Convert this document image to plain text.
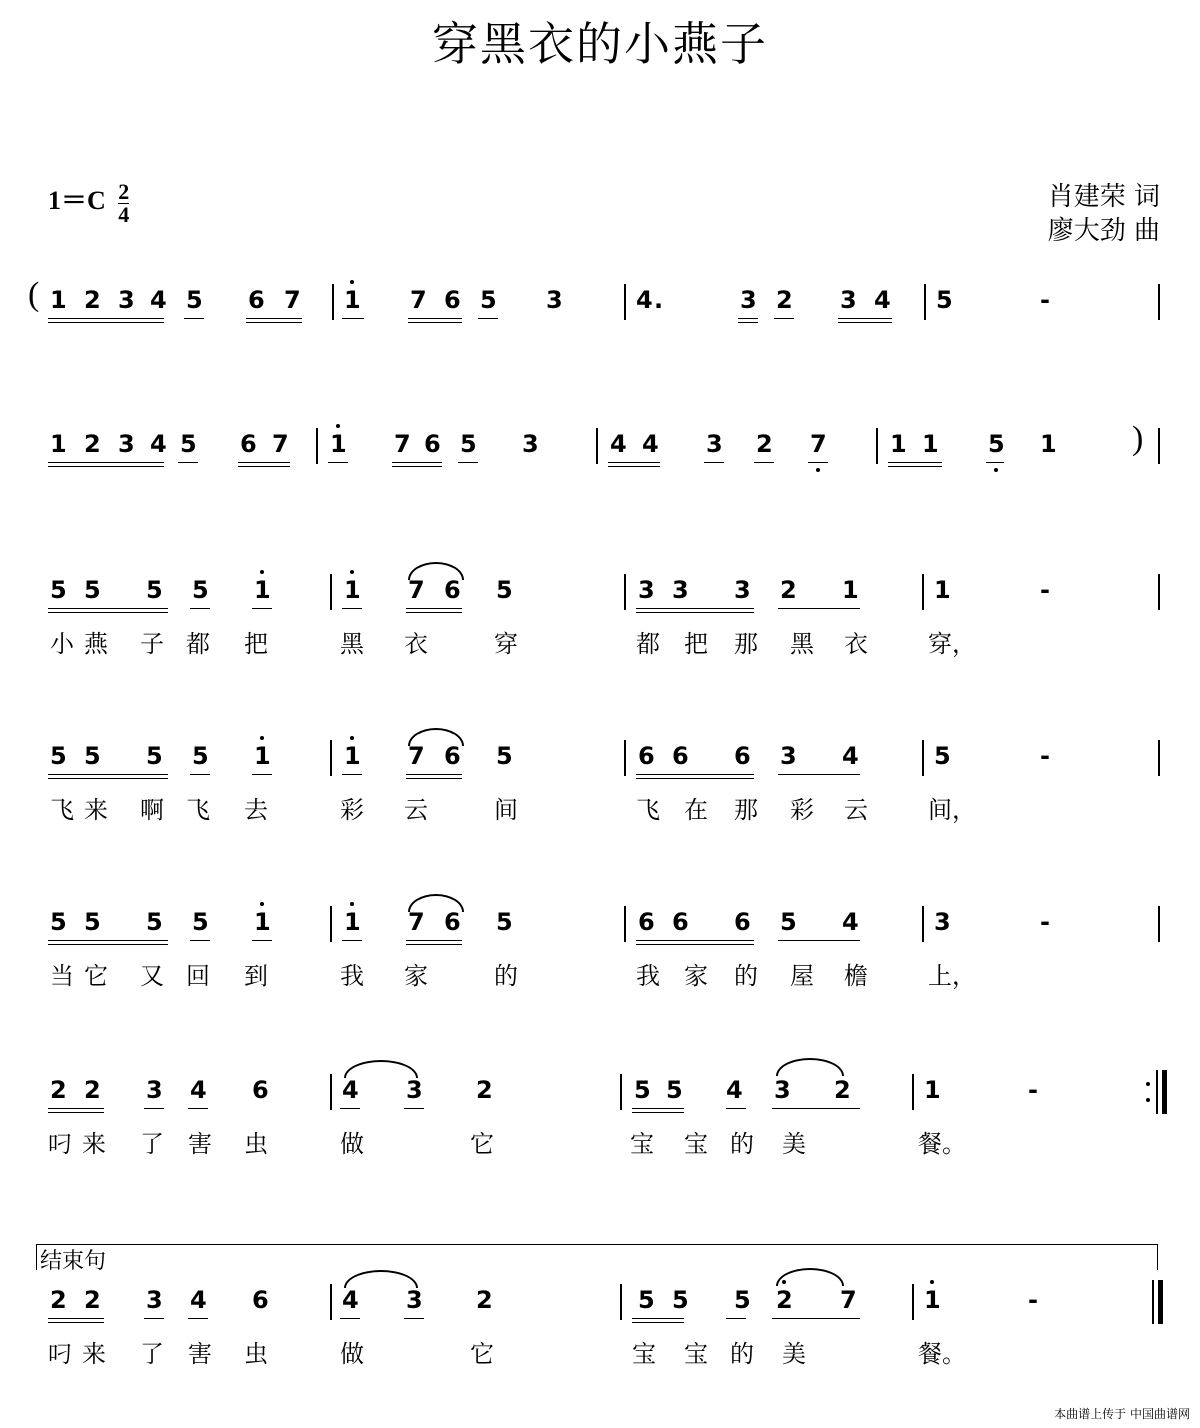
穿黑衣的小燕子
$1=C \frac{2}{4}$	肖建荣 词
廖大劲 曲
( 1 2 3 4 5 6 7 1 7 6 5 3	4 .	3 2 3 4 5	-
1 2 3 4 5 6 7 1 7 6 5 3	4 4 3 2 7	1 1 5 1 )
5 5 5 5 1	1 7 6 5	3 3 3 2 1	1	-
小 燕 子 都 把	黑 衣	穿	都 把 那 黑 衣	穿，
5 5 5 5 1	1 7 6 5	6 6 6 3 4	5	-
飞 来 啊 飞 去	彩 云	间	飞 在 那 彩 云	间，
5 5 5 5 1	1 7 6 5	6 6 6 5 4	3	-
当 它 又 回 到	我 家	的	我 家 的 屋 檐	上，
2 2 3 4 6	4 3 2	5 5 4 3 2	1	-
叼 来 了 害 虫	做	它	宝 宝 的 美	餐。
结束句
2 2 3 4 6	4 3 2	5 5 5 2 7	1	-
叼 来 了 害 虫	做	它	宝 宝 的 美	餐。
本曲谱上传于 中国曲谱网
